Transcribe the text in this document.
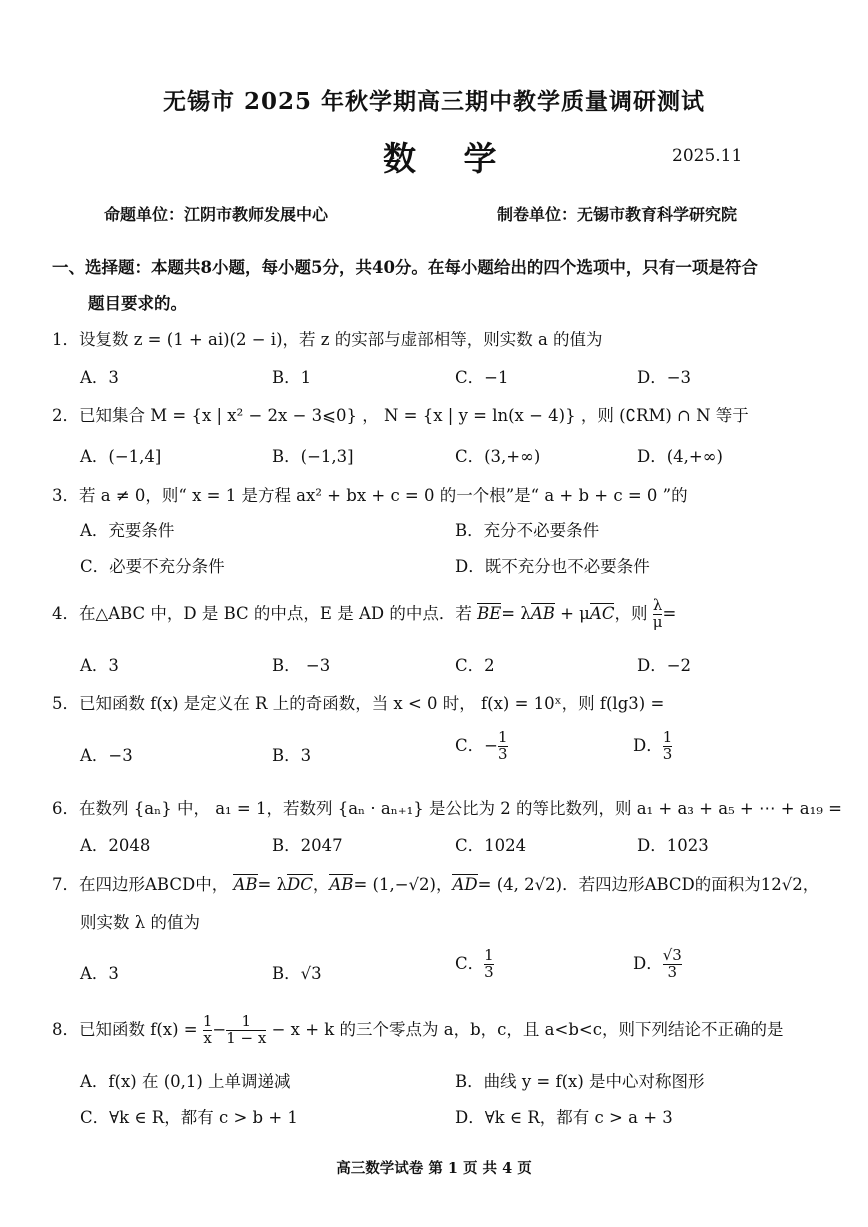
无锡市 2025 年秋学期高三期中教学质量调研测试
数 学	2025.11
命题单位：江阴市教师发展中心	制卷单位：无锡市教育科学研究院
一、选择题：本题共8小题，每小题5分，共40分。在每小题给出的四个选项中，只有一项是符合
题目要求的。
1．设复数 z = (1 + ai)(2 − i)，若 z 的实部与虚部相等，则实数 a 的值为
A．3	B．1	C．−1	D．−3
2．已知集合 M = {x | x² − 2x − 3⩽0} ， N = {x | y = ln(x − 4)} ，则 (∁RM) ∩ N 等于
A．(−1,4]	B．(−1,3]	C．(3,+∞)	D．(4,+∞)
3．若 a ≠ 0，则“ x = 1 是方程 ax² + bx + c = 0 的一个根”是“ a + b + c = 0 ”的
A．充要条件	B．充分不必要条件
C．必要不充分条件	D．既不充分也不必要条件
4．在△ABC 中，D 是 BC 的中点，E 是 AD 的中点．若 BE= λAB + μAC，则 $\frac{\lambda}{\mu}$ =
A．3	B． −3	C．2	D．−2
5．已知函数 f(x) 是定义在 R 上的奇函数，当 x < 0 时， f(x) = 10ˣ，则 f(lg3) =
A．−3	B．3
C．− $\frac{1}{3}$	D． $\frac{1}{3}$
6．在数列 {aₙ} 中， a₁ = 1，若数列 {aₙ · aₙ₊₁} 是公比为 2 的等比数列，则 a₁ + a₃ + a₅ + ⋯ + a₁₉ =
A．2048	B．2047	C．1024	D．1023
7．在四边形ABCD中， AB= λDC，AB= (1,−√2)，AD= (4, 2√2)．若四边形ABCD的面积为12√2，
则实数 λ 的值为
A．3	B．√3
C． $\frac{1}{3}$	D． $\frac{√3}{3}$
8．已知函数 $f(x) = \frac{1}{x} - \frac{1}{1 - x} - x + k$ 的三个零点为 a，b，c，且 a<b<c，则下列结论不正确的是
A．f(x) 在 (0,1) 上单调递减	B．曲线 y = f(x) 是中心对称图形
C．∀k ∈ R，都有 c > b + 1	D．∀k ∈ R，都有 c > a + 3
高三数学试卷 第 1 页 共 4 页
